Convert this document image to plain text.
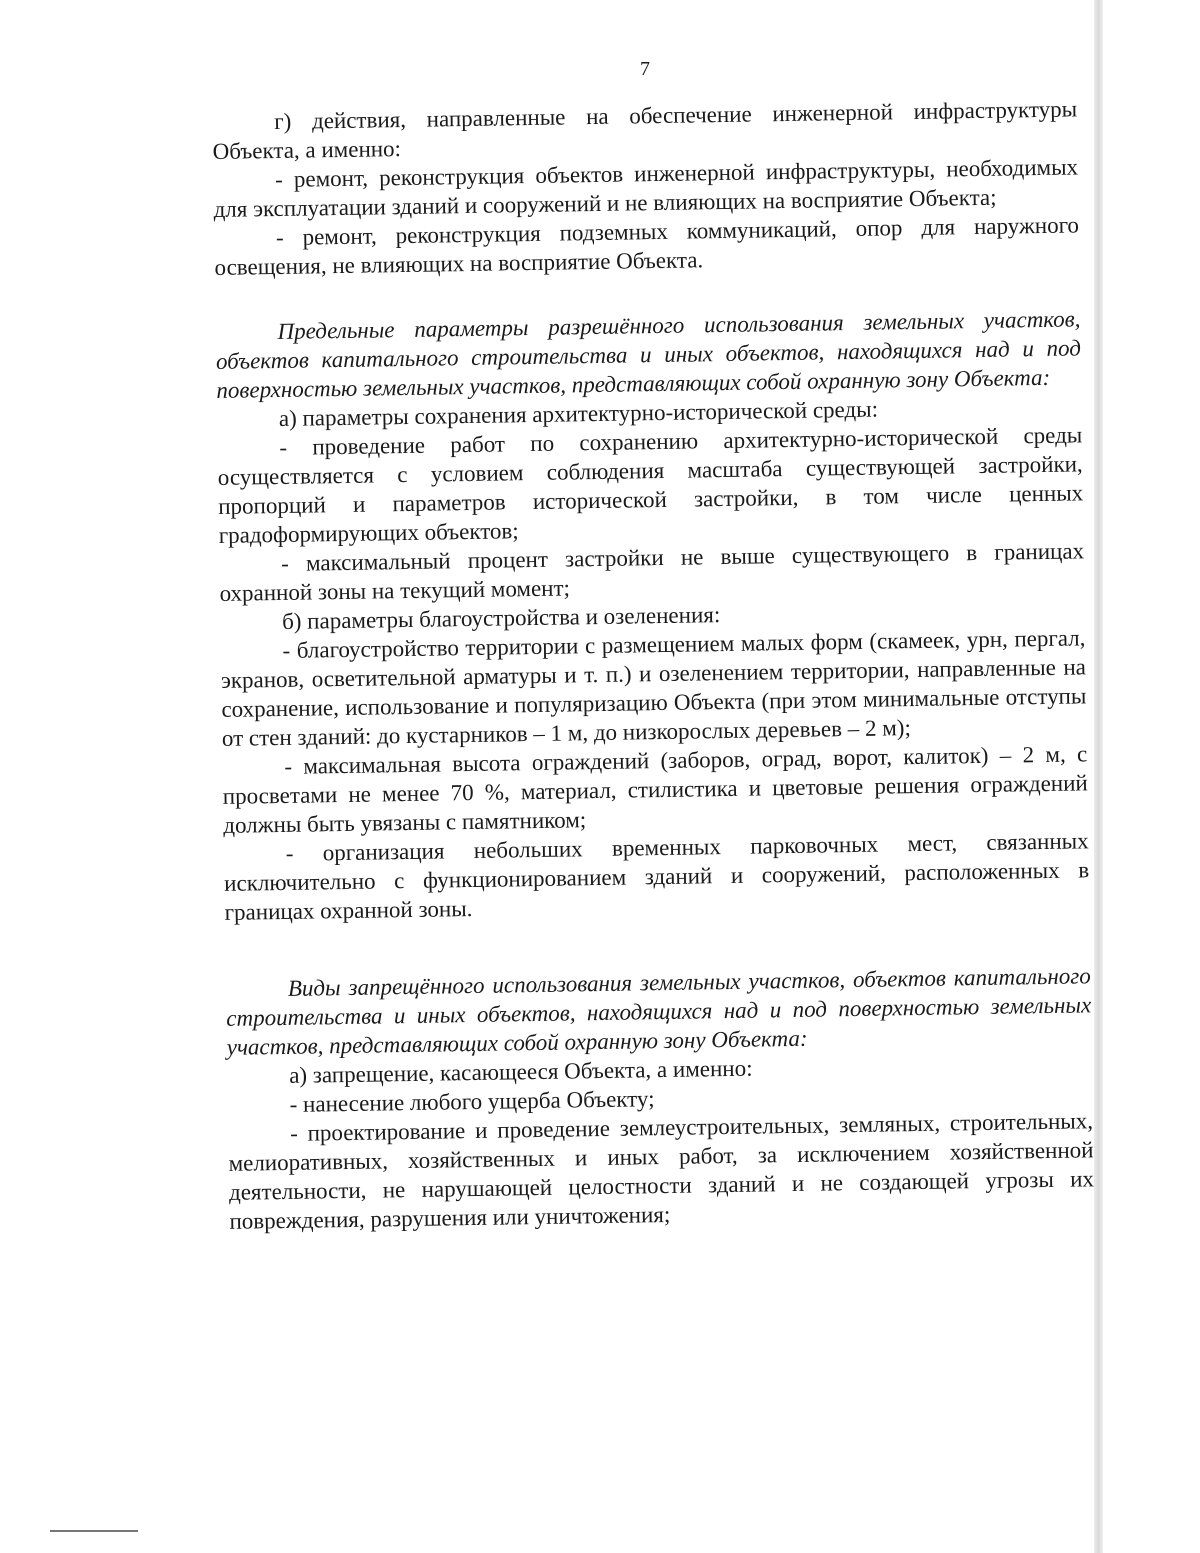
7

г) действия, направленные на обеспечение инженерной инфраструктуры Объекта, а именно:

- ремонт, реконструкция объектов инженерной инфраструктуры, необходимых для эксплуатации зданий и сооружений и не влияющих на восприятие Объекта;

- ремонт, реконструкция подземных коммуникаций, опор для наружного освещения, не влияющих на восприятие Объекта.

Предельные параметры разрешённого использования земельных участков, объектов капитального строительства и иных объектов, находящихся над и под поверхностью земельных участков, представляющих собой охранную зону Объекта:

а) параметры сохранения архитектурно-исторической среды:

- проведение работ по сохранению архитектурно-исторической среды осуществляется с условием соблюдения масштаба существующей застройки, пропорций и параметров исторической застройки, в том числе ценных градоформирующих объектов;

- максимальный процент застройки не выше существующего в границах охранной зоны на текущий момент;

б) параметры благоустройства и озеленения:

- благоустройство территории с размещением малых форм (скамеек, урн, пергал, экранов, осветительной арматуры и т. п.) и озеленением территории, направленные на сохранение, использование и популяризацию Объекта (при этом минимальные отступы от стен зданий: до кустарников – 1 м, до низкорослых деревьев – 2 м);

- максимальная высота ограждений (заборов, оград, ворот, калиток) – 2 м, с просветами не менее 70 %, материал, стилистика и цветовые решения ограждений должны быть увязаны с памятником;

- организация небольших временных парковочных мест, связанных исключительно с функционированием зданий и сооружений, расположенных в границах охранной зоны.

Виды запрещённого использования земельных участков, объектов капитального строительства и иных объектов, находящихся над и под поверхностью земельных участков, представляющих собой охранную зону Объекта:

а) запрещение, касающееся Объекта, а именно:

- нанесение любого ущерба Объекту;

- проектирование и проведение землеустроительных, земляных, строительных, мелиоративных, хозяйственных и иных работ, за исключением хозяйственной деятельности, не нарушающей целостности зданий и не создающей угрозы их повреждения, разрушения или уничтожения;
